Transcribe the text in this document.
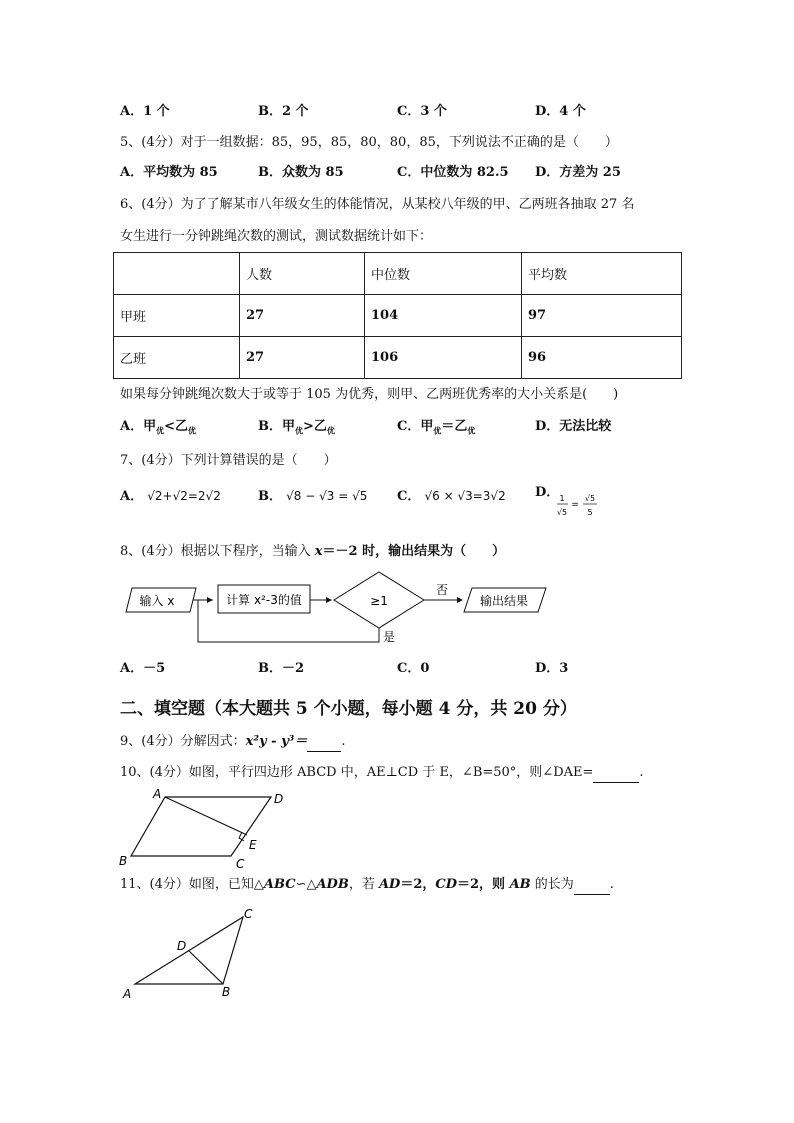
A．1 个	B．2 个	C．3 个	D．4 个
5、(4分）对于一组数据：85，95，85，80，80，85，下列说法不正确的是（　　）
A．平均数为 85	B．众数为 85	C．中位数为 82.5 D．方差为 25
6、(4分）为了了解某市八年级女生的体能情况，从某校八年级的甲、乙两班各抽取 27 名
女生进行一分钟跳绳次数的测试，测试数据统计如下：
	人数	中位数	平均数
甲班	27	104	97
乙班	27	106	96
如果每分钟跳绳次数大于或等于 105 为优秀，则甲、乙两班优秀率的大小关系是(　　)
A．甲$_优$<乙$_优$	B．甲$_优$>乙$_优$	C．甲$_优$＝乙$_优$	D．无法比较
7、(4分）下列计算错误的是（　　）
A． √2+√2=2√2	B． √8 − √3 = √5 C． √6 × √3=3√2 D． 1
√5
=
√5
5
8、(4分）根据以下程序，当输入 x＝－2 时，输出结果为（　　）
输入 x	计算 x²-3的值	≥1
否
输出结果
是
A．－5	B．－2	C．0	D．3
二、填空题（本大题共 5 个小题，每小题 4 分，共 20 分）
9、(4分）分解因式：x²y - y³＝	.
10、(4分）如图，平行四边形 ABCD 中，AE⊥CD 于 E，∠B=50°，则∠DAE=	.
A	D
B	C
E
11、(4分）如图，已知△ABC∽△ADB，若 AD＝2，CD＝2，则 AB 的长为	.
A	B
C
D
